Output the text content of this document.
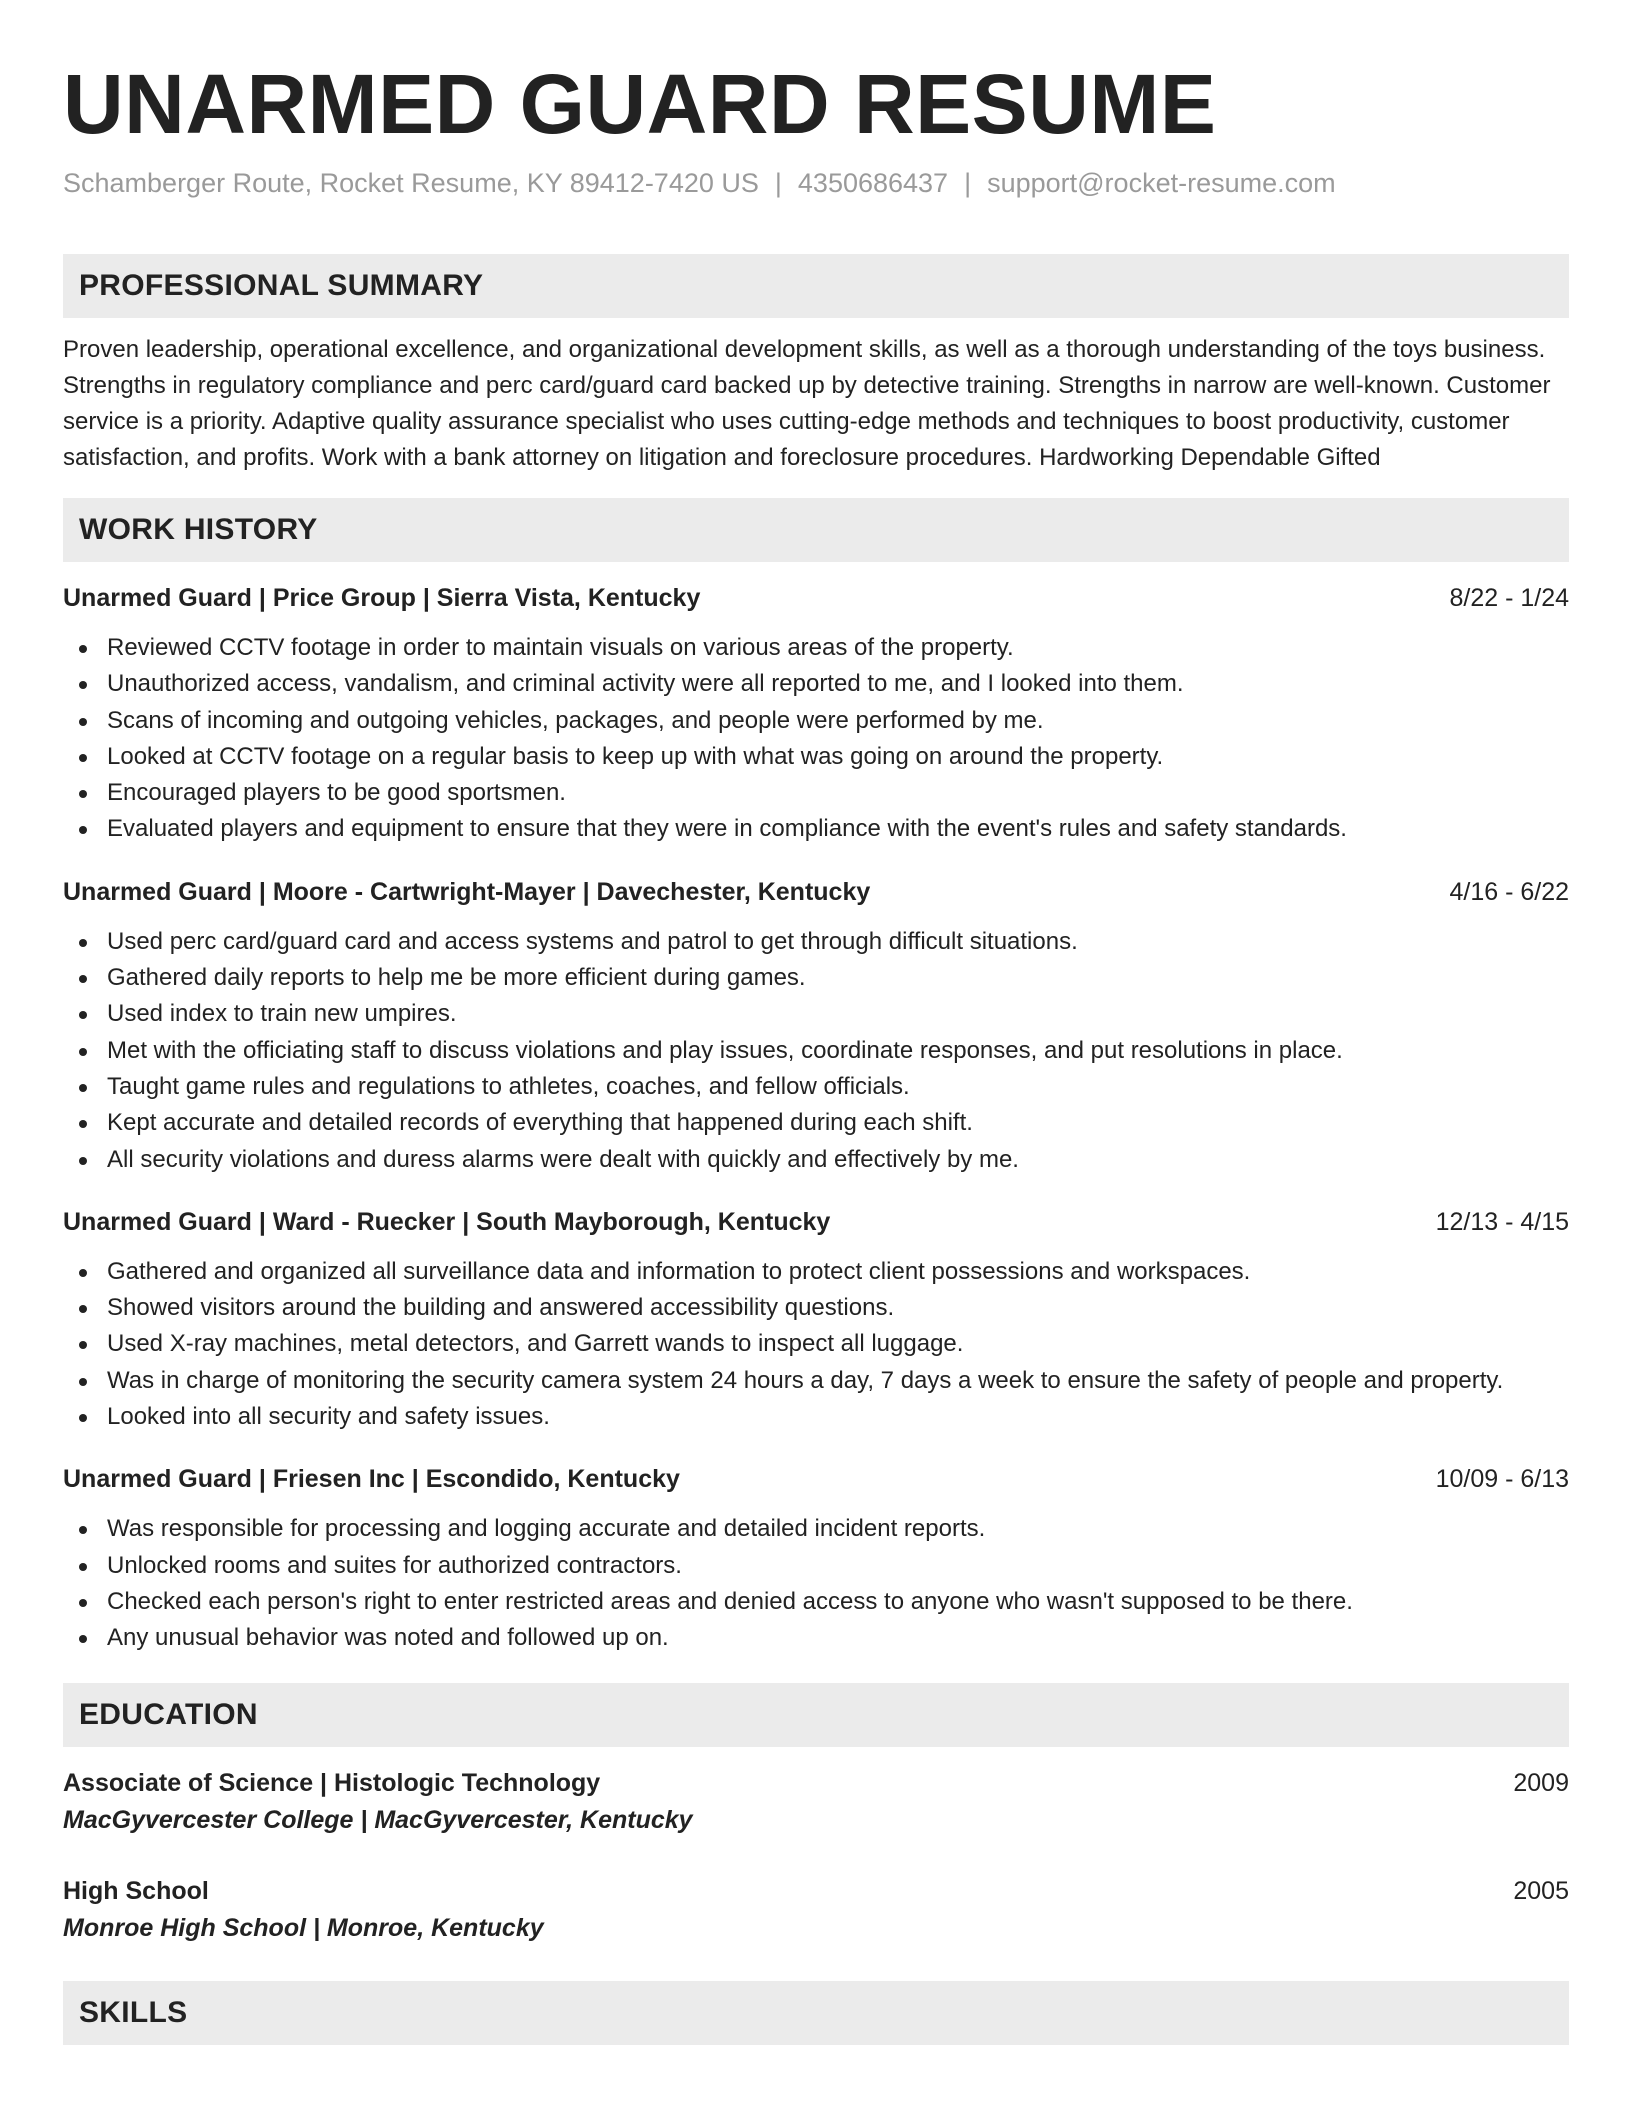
UNARMED GUARD RESUME
Schamberger Route, Rocket Resume, KY 89412-7420 US | 4350686437 | support@rocket-resume.com
PROFESSIONAL SUMMARY

Proven leadership, operational excellence, and organizational development skills, as well as a thorough understanding of the toys business. Strengths in regulatory compliance and perc card/guard card backed up by detective training. Strengths in narrow are well-known. Customer service is a priority. Adaptive quality assurance specialist who uses cutting-edge methods and techniques to boost productivity, customer satisfaction, and profits. Work with a bank attorney on litigation and foreclosure procedures. Hardworking Dependable Gifted

WORK HISTORY
Unarmed Guard | Price Group | Sierra Vista, Kentucky	8/22 - 1/24
Reviewed CCTV footage in order to maintain visuals on various areas of the property.
Unauthorized access, vandalism, and criminal activity were all reported to me, and I looked into them.
Scans of incoming and outgoing vehicles, packages, and people were performed by me.
Looked at CCTV footage on a regular basis to keep up with what was going on around the property.
Encouraged players to be good sportsmen.
Evaluated players and equipment to ensure that they were in compliance with the event's rules and safety standards.
Unarmed Guard | Moore - Cartwright-Mayer | Davechester, Kentucky	4/16 - 6/22
Used perc card/guard card and access systems and patrol to get through difficult situations.
Gathered daily reports to help me be more efficient during games.
Used index to train new umpires.
Met with the officiating staff to discuss violations and play issues, coordinate responses, and put resolutions in place.
Taught game rules and regulations to athletes, coaches, and fellow officials.
Kept accurate and detailed records of everything that happened during each shift.
All security violations and duress alarms were dealt with quickly and effectively by me.
Unarmed Guard | Ward - Ruecker | South Mayborough, Kentucky	12/13 - 4/15
Gathered and organized all surveillance data and information to protect client possessions and workspaces.
Showed visitors around the building and answered accessibility questions.
Used X-ray machines, metal detectors, and Garrett wands to inspect all luggage.
Was in charge of monitoring the security camera system 24 hours a day, 7 days a week to ensure the safety of people and property.
Looked into all security and safety issues.
Unarmed Guard | Friesen Inc | Escondido, Kentucky	10/09 - 6/13
Was responsible for processing and logging accurate and detailed incident reports.
Unlocked rooms and suites for authorized contractors.
Checked each person's right to enter restricted areas and denied access to anyone who wasn't supposed to be there.
Any unusual behavior was noted and followed up on.
EDUCATION
Associate of Science | Histologic Technology	2009
MacGyvercester College | MacGyvercester, Kentucky
High School	2005
Monroe High School | Monroe, Kentucky
SKILLS
